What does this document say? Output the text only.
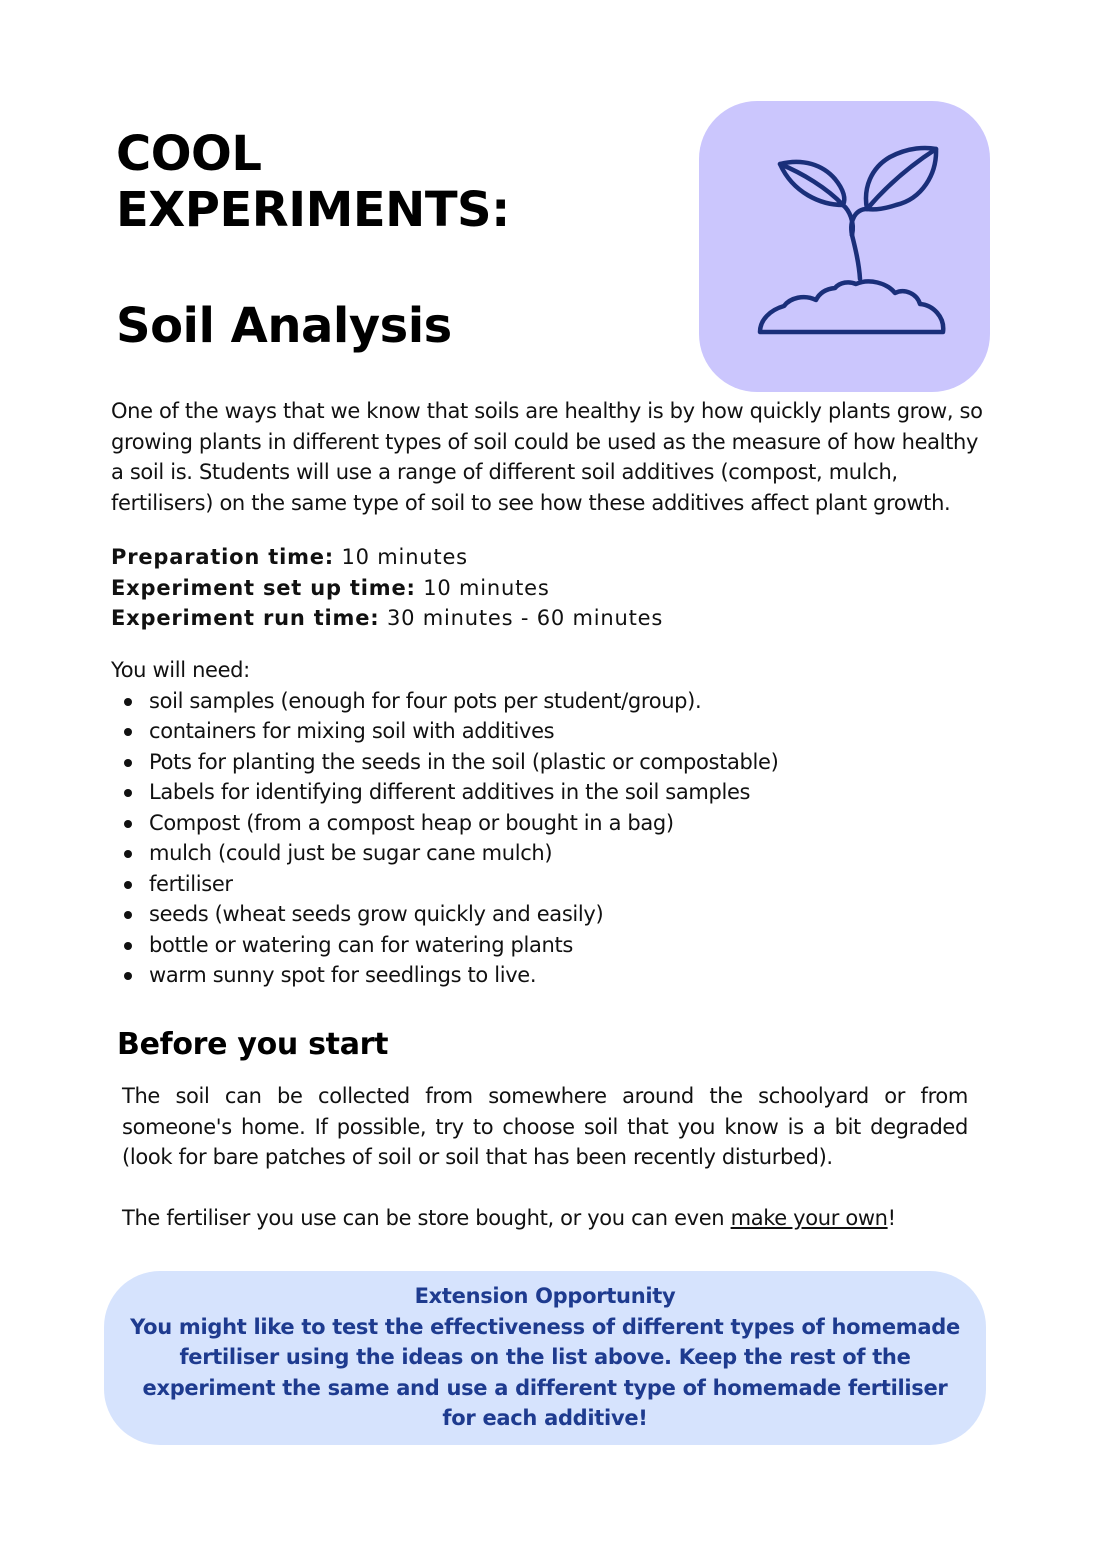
COOL
EXPERIMENTS:
Soil Analysis

One of the ways that we know that soils are healthy is by how quickly plants grow, so growing plants in different types of soil could be used as the measure of how healthy a soil is. Students will use a range of different soil additives (compost, mulch, fertilisers) on the same type of soil to see how these additives affect plant growth.

Preparation time: 10 minutes
Experiment set up time: 10 minutes
Experiment run time: 30 minutes - 60 minutes

You will need:

soil samples (enough for four pots per student/group).
containers for mixing soil with additives
Pots for planting the seeds in the soil (plastic or compostable)
Labels for identifying different additives in the soil samples
Compost (from a compost heap or bought in a bag)
mulch (could just be sugar cane mulch)
fertiliser
seeds (wheat seeds grow quickly and easily)
bottle or watering can for watering plants
warm sunny spot for seedlings to live.
Before you start

The soil can be collected from somewhere around the schoolyard or from someone's home. If possible, try to choose soil that you know is a bit degraded (look for bare patches of soil or soil that has been recently disturbed).

The fertiliser you use can be store bought, or you can even make your own!

Extension Opportunity

You might like to test the effectiveness of different types of homemade

fertiliser using the ideas on the list above. Keep the rest of the

experiment the same and use a different type of homemade fertiliser

for each additive!
